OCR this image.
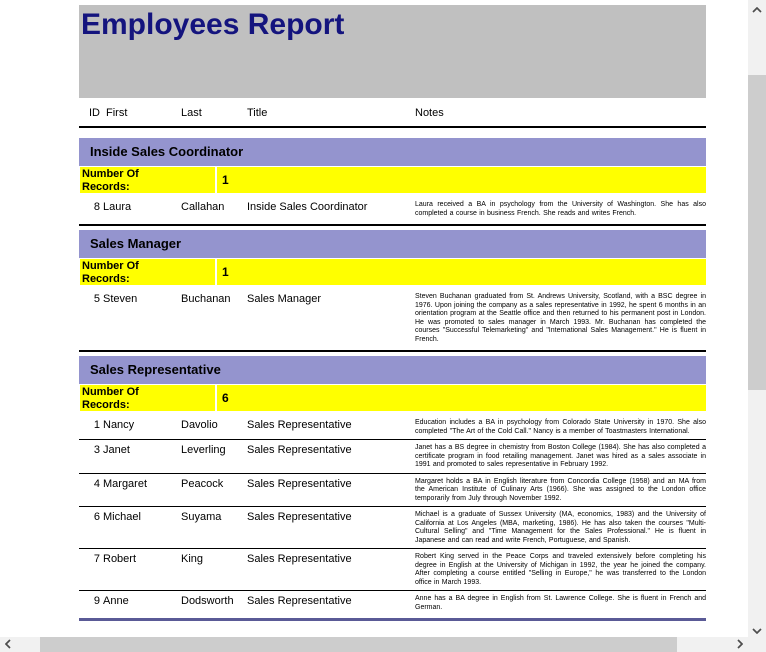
Employees Report
ID First	Last	Title	Notes
Inside Sales Coordinator
Number Of Records:	1
8 Laura	Callahan	Inside Sales Coordinator	Laura received a BA in psychology from the University of Washington. She has also completed a course in business French. She reads and writes French.
Sales Manager
Number Of Records:	1
5 Steven	Buchanan	Sales Manager	Steven Buchanan graduated from St. Andrews University, Scotland, with a BSC degree in 1976. Upon joining the company as a sales representative in 1992, he spent 6 months in an orientation program at the Seattle office and then returned to his permanent post in London. He was promoted to sales manager in March 1993. Mr. Buchanan has completed the courses "Successful Telemarketing" and "International Sales Management." He is fluent in French.
Sales Representative
Number Of Records:	6
1 Nancy	Davolio	Sales Representative	Education includes a BA in psychology from Colorado State University in 1970. She also completed "The Art of the Cold Call." Nancy is a member of Toastmasters International.
3 Janet	Leverling	Sales Representative	Janet has a BS degree in chemistry from Boston College (1984). She has also completed a certificate program in food retailing management. Janet was hired as a sales associate in 1991 and promoted to sales representative in February 1992.
4 Margaret	Peacock	Sales Representative	Margaret holds a BA in English literature from Concordia College (1958) and an MA from the American Institute of Culinary Arts (1966). She was assigned to the London office temporarily from July through November 1992.
6 Michael	Suyama	Sales Representative	Michael is a graduate of Sussex University (MA, economics, 1983) and the University of California at Los Angeles (MBA, marketing, 1986). He has also taken the courses "Multi-Cultural Selling" and "Time Management for the Sales Professional." He is fluent in Japanese and can read and write French, Portuguese, and Spanish.
7 Robert	King	Sales Representative	Robert King served in the Peace Corps and traveled extensively before completing his degree in English at the University of Michigan in 1992, the year he joined the company. After completing a course entitled "Selling in Europe," he was transferred to the London office in March 1993.
9 Anne	Dodsworth	Sales Representative	Anne has a BA degree in English from St. Lawrence College. She is fluent in French and German.
